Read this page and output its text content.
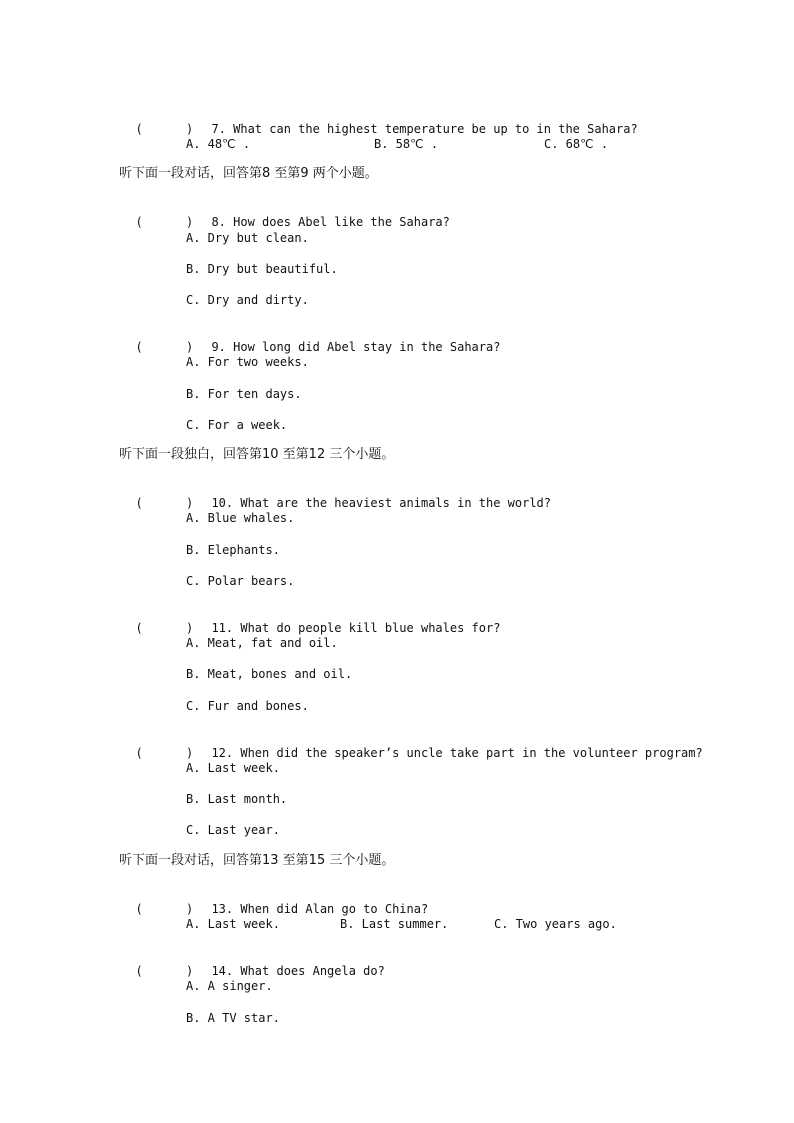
(      ) 7. What can the highest temperature be up to in the Sahara?

A. 48℃ .	B. 58℃ .	C. 68℃ .
听下面一段对话，回答第8 至第9 两个小题。

(      ) 8. How does Abel like the Sahara?

A. Dry but clean.
B. Dry but beautiful.
C. Dry and dirty.

(      ) 9. How long did Abel stay in the Sahara?

A. For two weeks.
B. For ten days.
C. For a week.
听下面一段独白，回答第10 至第12 三个小题。

(      ) 10. What are the heaviest animals in the world?

A. Blue whales.
B. Elephants.
C. Polar bears.

(      ) 11. What do people kill blue whales for?

A. Meat, fat and oil.
B. Meat, bones and oil.
C. Fur and bones.

(      ) 12. When did the speaker’s uncle take part in the volunteer program?

A. Last week.
B. Last month.
C. Last year.
听下面一段对话，回答第13 至第15 三个小题。

(      ) 13. When did Alan go to China?

A. Last week.	B. Last summer.	C. Two years ago.

(      ) 14. What does Angela do?

A. A singer.
B. A TV star.
